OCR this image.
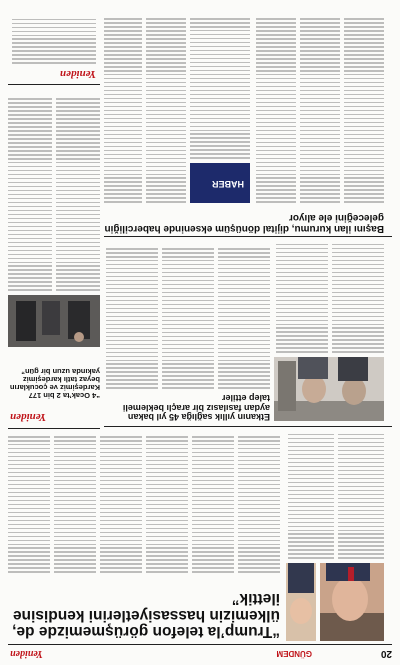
20
GÜNDEM
Yeniden
“Trump’la telefon görüşmemizde de, ülkemizin hassasiyetlerini kendisine ilettik”
Yeniden	Etkanın yıllık sağlığa 45 yıl bakan aydan fasılasız bir araçlı beklemeli talep ettiler
“4 Ocak’ta 2 bin 177 Kardeşimiz ve çocukların beyaz tatlı kardeşimiz yakında uzun bir gün”
Başını ilan kurumu, dijital dönüşüm ekseninde haberciliğin geleceğini ele alıyor
HABER
Yeniden
